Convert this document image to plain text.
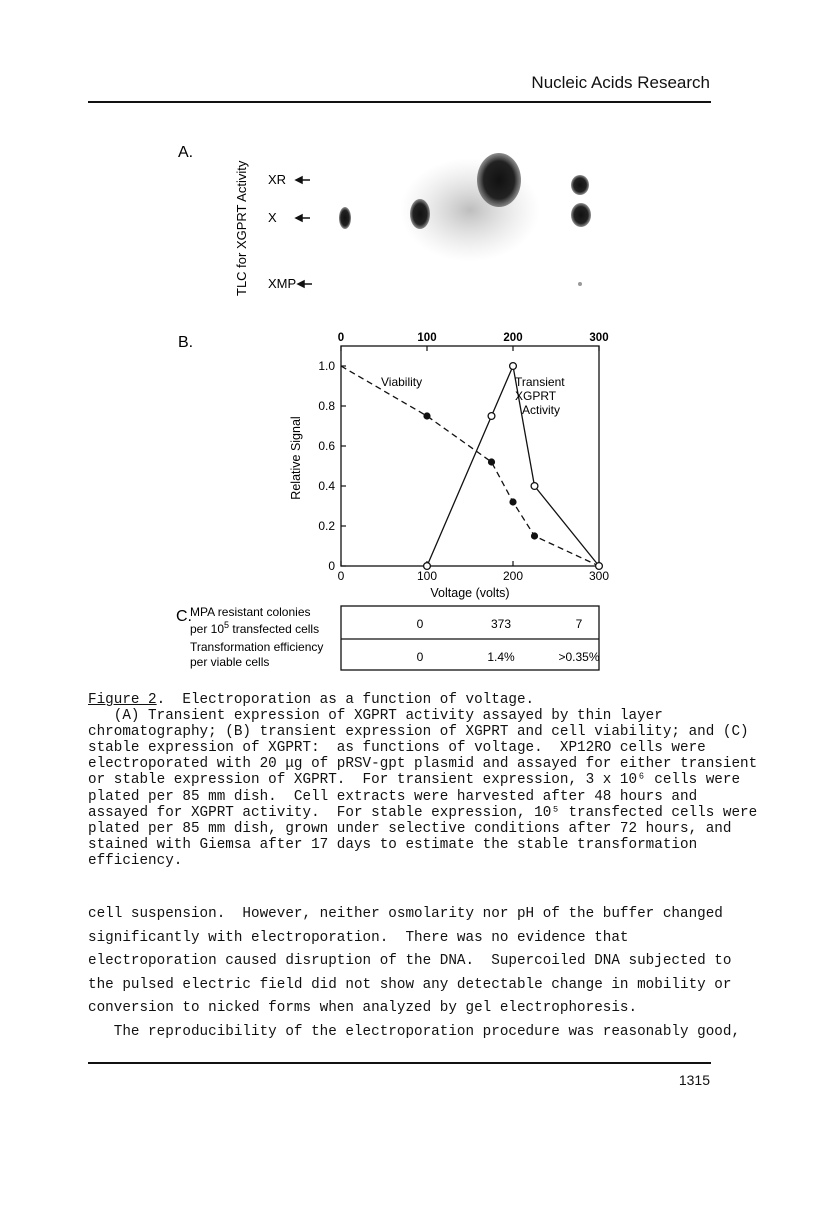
Nucleic Acids Research
A.
TLC for XGPRT Activity XR
X
XMP
B.
Relative Signal
0	100	200	300
0	100	200	300
0
0.2
0.4
0.6
0.8
1.0
Voltage (volts)
Viability	Transient
XGPRT
Activity
C.
MPA resistant colonies
per $10^5$ transfected cells
Transformation efficiency
per viable cells
0	373	7
0	1.4%	>0.35%
Figure 2.  Electroporation as a function of voltage.
(A) Transient expression of XGPRT activity assayed by thin layer
chromatography; (B) transient expression of XGPRT and cell viability; and (C)
stable expression of XGPRT:  as functions of voltage.  XP12RO cells were
electroporated with 20 μg of pRSV-gpt plasmid and assayed for either transient
or stable expression of XGPRT.  For transient expression, 3 x 10⁶ cells were
plated per 85 mm dish.  Cell extracts were harvested after 48 hours and
assayed for XGPRT activity.  For stable expression, 10⁵ transfected cells were
plated per 85 mm dish, grown under selective conditions after 72 hours, and
stained with Giemsa after 17 days to estimate the stable transformation
efficiency.
cell suspension.  However, neither osmolarity nor pH of the buffer changed
significantly with electroporation.  There was no evidence that
electroporation caused disruption of the DNA.  Supercoiled DNA subjected to
the pulsed electric field did not show any detectable change in mobility or
conversion to nicked forms when analyzed by gel electrophoresis.
The reproducibility of the electroporation procedure was reasonably good,
1315
